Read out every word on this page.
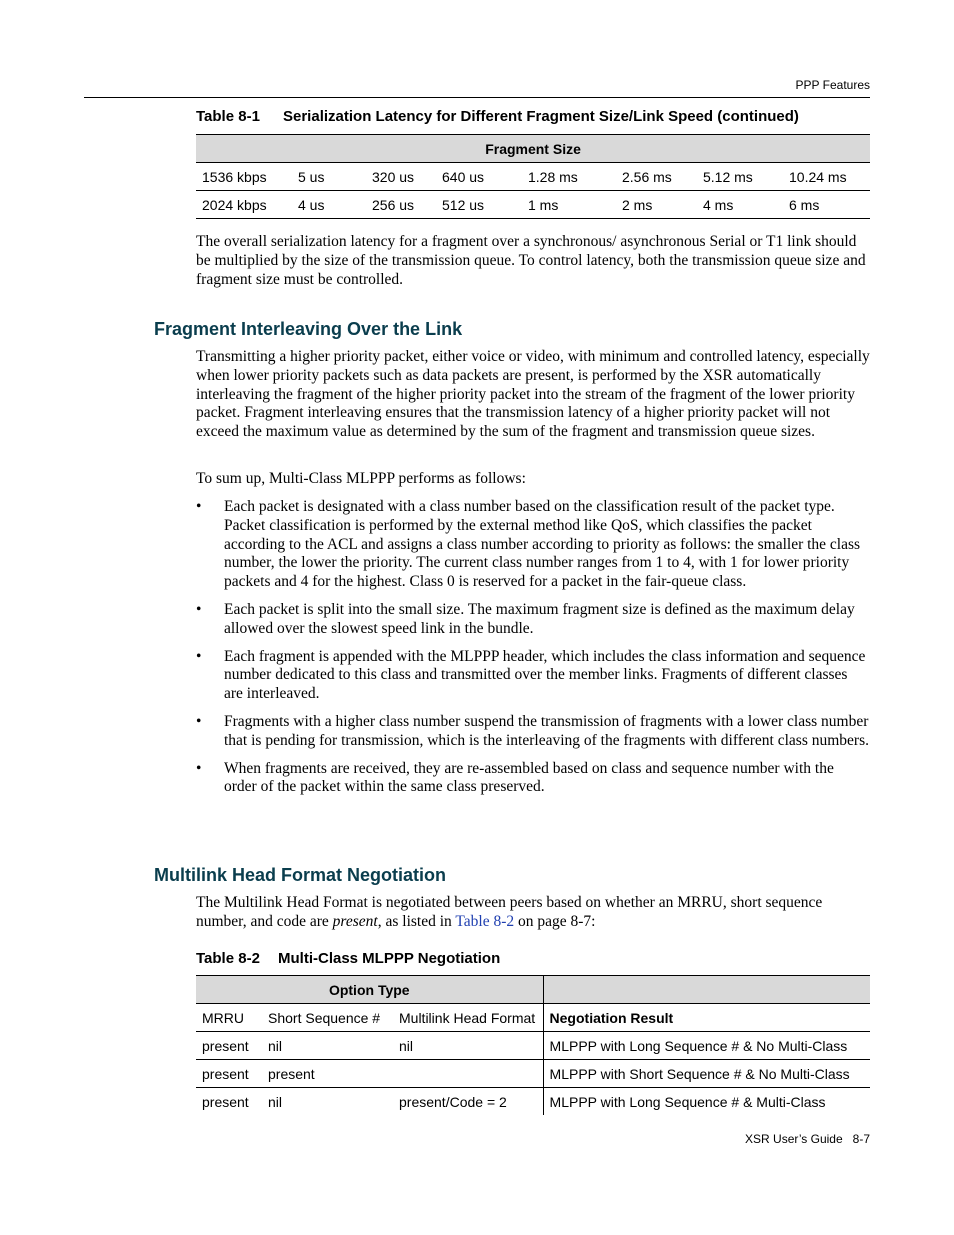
PPP Features
Table 8-1 Serialization Latency for Different Fragment Size/Link Speed (continued)
Fragment Size							
1536 kbps	5 us	320 us	640 us	1.28 ms	2.56 ms	5.12 ms	10.24 ms
2024 kbps	4 us	256 us	512 us	1 ms	2 ms	4 ms	6 ms

The overall serialization latency for a fragment over a synchronous/ asynchronous Serial or T1 link should be multiplied by the size of the transmission queue. To control latency, both the transmission queue size and fragment size must be controlled.

Fragment Interleaving Over the Link

Transmitting a higher priority packet, either voice or video, with minimum and controlled latency, especially when lower priority packets such as data packets are present, is performed by the XSR automatically interleaving the fragment of the higher priority packet into the stream of the fragment of the lower priority packet. Fragment interleaving ensures that the transmission latency of a higher priority packet will not exceed the maximum value as determined by the sum of the fragment and transmission queue sizes.

To sum up, Multi-Class MLPPP performs as follows:

• Each packet is designated with a class number based on the classification result of the packet type. Packet classification is performed by the external method like QoS, which classifies the packet according to the ACL and assigns a class number according to priority as follows: the smaller the class number, the lower the priority. The current class number ranges from 1 to 4, with 1 for lower priority packets and 4 for the highest. Class 0 is reserved for a packet in the fair-queue class.
• Each packet is split into the small size. The maximum fragment size is defined as the maximum delay allowed over the slowest speed link in the bundle.
• Each fragment is appended with the MLPPP header, which includes the class information and sequence number dedicated to this class and transmitted over the member links. Fragments of different classes are interleaved.
• Fragments with a higher class number suspend the transmission of fragments with a lower class number that is pending for transmission, which is the interleaving of the fragments with different class numbers.
• When fragments are received, they are re-assembled based on class and sequence number with the order of the packet within the same class preserved.
Multilink Head Format Negotiation

The Multilink Head Format is negotiated between peers based on whether an MRRU, short sequence number, and code are present, as listed in Table 8-2 on page 8-7:

Table 8-2 Multi-Class MLPPP Negotiation
Option Type			
MRRU	Short Sequence #	Multilink Head Format	Negotiation Result
present	nil	nil	MLPPP with Long Sequence # & No Multi-Class
present	present		MLPPP with Short Sequence # & No Multi-Class
present	nil	present/Code = 2	MLPPP with Long Sequence # & Multi-Class
XSR User’s Guide   8-7
